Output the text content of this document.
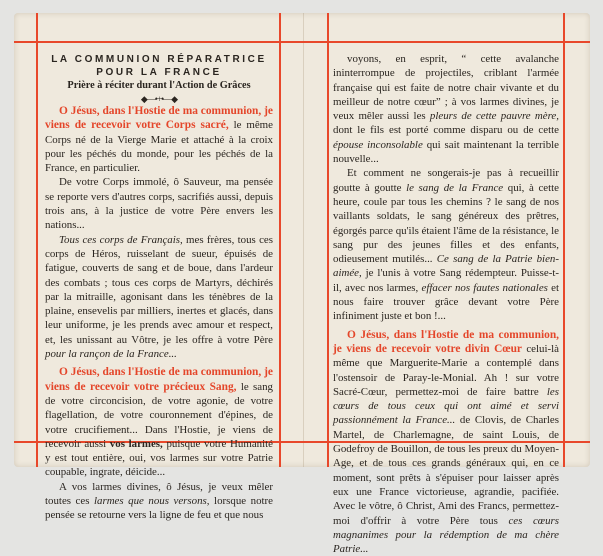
LA COMMUNION RÉPARATRICE
POUR LA FRANCE
Prière à réciter durant l'Action de Grâces
◆—•+•—◆

O Jésus, dans l'Hostie de ma communion, je viens de recevoir votre Corps sacré, le même Corps né de la Vierge Marie et attaché à la croix pour les péchés du monde, pour les péchés de la France, en particulier.

De votre Corps immolé, ô Sauveur, ma pensée se reporte vers d'autres corps, sacrifiés aussi, depuis trois ans, à la justice de votre Père envers les nations...

Tous ces corps de Français, mes frères, tous ces corps de Héros, ruisselant de sueur, épuisés de fatigue, couverts de sang et de boue, dans l'ardeur des combats ; tous ces corps de Martyrs, déchirés par la mitraille, agonisant dans les ténèbres de la plaine, ensevelis par milliers, inertes et glacés, dans leur uniforme, je les prends avec amour et respect, et, les unissant au Vôtre, je les offre à votre Père pour la rançon de la France...

O Jésus, dans l'Hostie de ma communion, je viens de recevoir votre précieux Sang, le sang de votre circoncision, de votre agonie, de votre flagellation, de votre couronnement d'épines, de votre crucifiement... Dans l'Hostie, je viens de recevoir aussi vos larmes, puisque votre Humanité y est tout entière, oui, vos larmes sur votre Patrie coupable, ingrate, déicide...

A vos larmes divines, ô Jésus, je veux mêler toutes ces larmes que nous versons, lorsque notre pensée se retourne vers la ligne de feu et que nous

voyons, en esprit, “ cette avalanche ininterrompue de projectiles, criblant l'armée française qui est faite de notre chair vivante et du meilleur de notre cœur” ; à vos larmes divines, je veux mêler aussi les pleurs de cette pauvre mère, dont le fils est porté comme disparu ou de cette épouse inconsolable qui sait maintenant la terrible nouvelle...

Et comment ne songerais-je pas à recueillir goutte à goutte le sang de la France qui, à cette heure, coule par tous les chemins ? le sang de nos vaillants soldats, le sang généreux des prêtres, égorgés parce qu'ils étaient l'âme de la résistance, le sang pur des jeunes filles et des enfants, odieusement mutilés... Ce sang de la Patrie bien-aimée, je l'unis à votre Sang rédempteur. Puisse-t-il, avec nos larmes, effacer nos fautes nationales et nous faire trouver grâce devant votre Père infiniment juste et bon !...

O Jésus, dans l'Hostie de ma communion, je viens de recevoir votre divin Cœur celui-là même que Marguerite-Marie a contemplé dans l'ostensoir de Paray-le-Monial. Ah ! sur votre Sacré-Cœur, permettez-moi de faire battre les cœurs de tous ceux qui ont aimé et servi passionnément la France... de Clovis, de Charles Martel, de Charlemagne, de saint Louis, de Godefroy de Bouillon, de tous les preux du Moyen-Age, et de tous ces grands généraux qui, en ce moment, sont prêts à s'épuiser pour laisser après eux une France victorieuse, agrandie, pacifiée. Avec le vôtre, ô Christ, Ami des Francs, permettez-moi d'offrir à votre Père tous ces cœurs magnanimes pour la rédemption de ma chère Patrie...
